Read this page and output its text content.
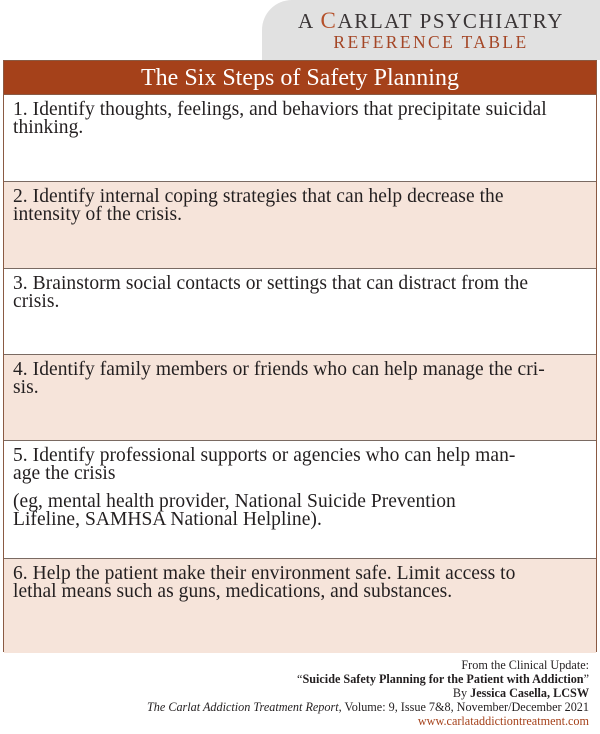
A CARLAT PSYCHIATRY
REFERENCE TABLE
The Six Steps of Safety Planning

1. Identify thoughts, feelings, and behaviors that precipitate suicidal
thinking.

2. Identify internal coping strategies that can help decrease the
intensity of the crisis.

3. Brainstorm social contacts or settings that can distract from the
crisis.

4. Identify family members or friends who can help manage the cri-
sis.

5. Identify professional supports or agencies who can help man-
age the crisis

(eg, mental health provider, National Suicide Prevention
Lifeline, SAMHSA National Helpline).

6. Help the patient make their environment safe. Limit access to
lethal means such as guns, medications, and substances.

From the Clinical Update:
“Suicide Safety Planning for the Patient with Addiction”
By Jessica Casella, LCSW
The Carlat Addiction Treatment Report, Volume: 9, Issue 7&8, November/December 2021
www.carlataddictiontreatment.com
